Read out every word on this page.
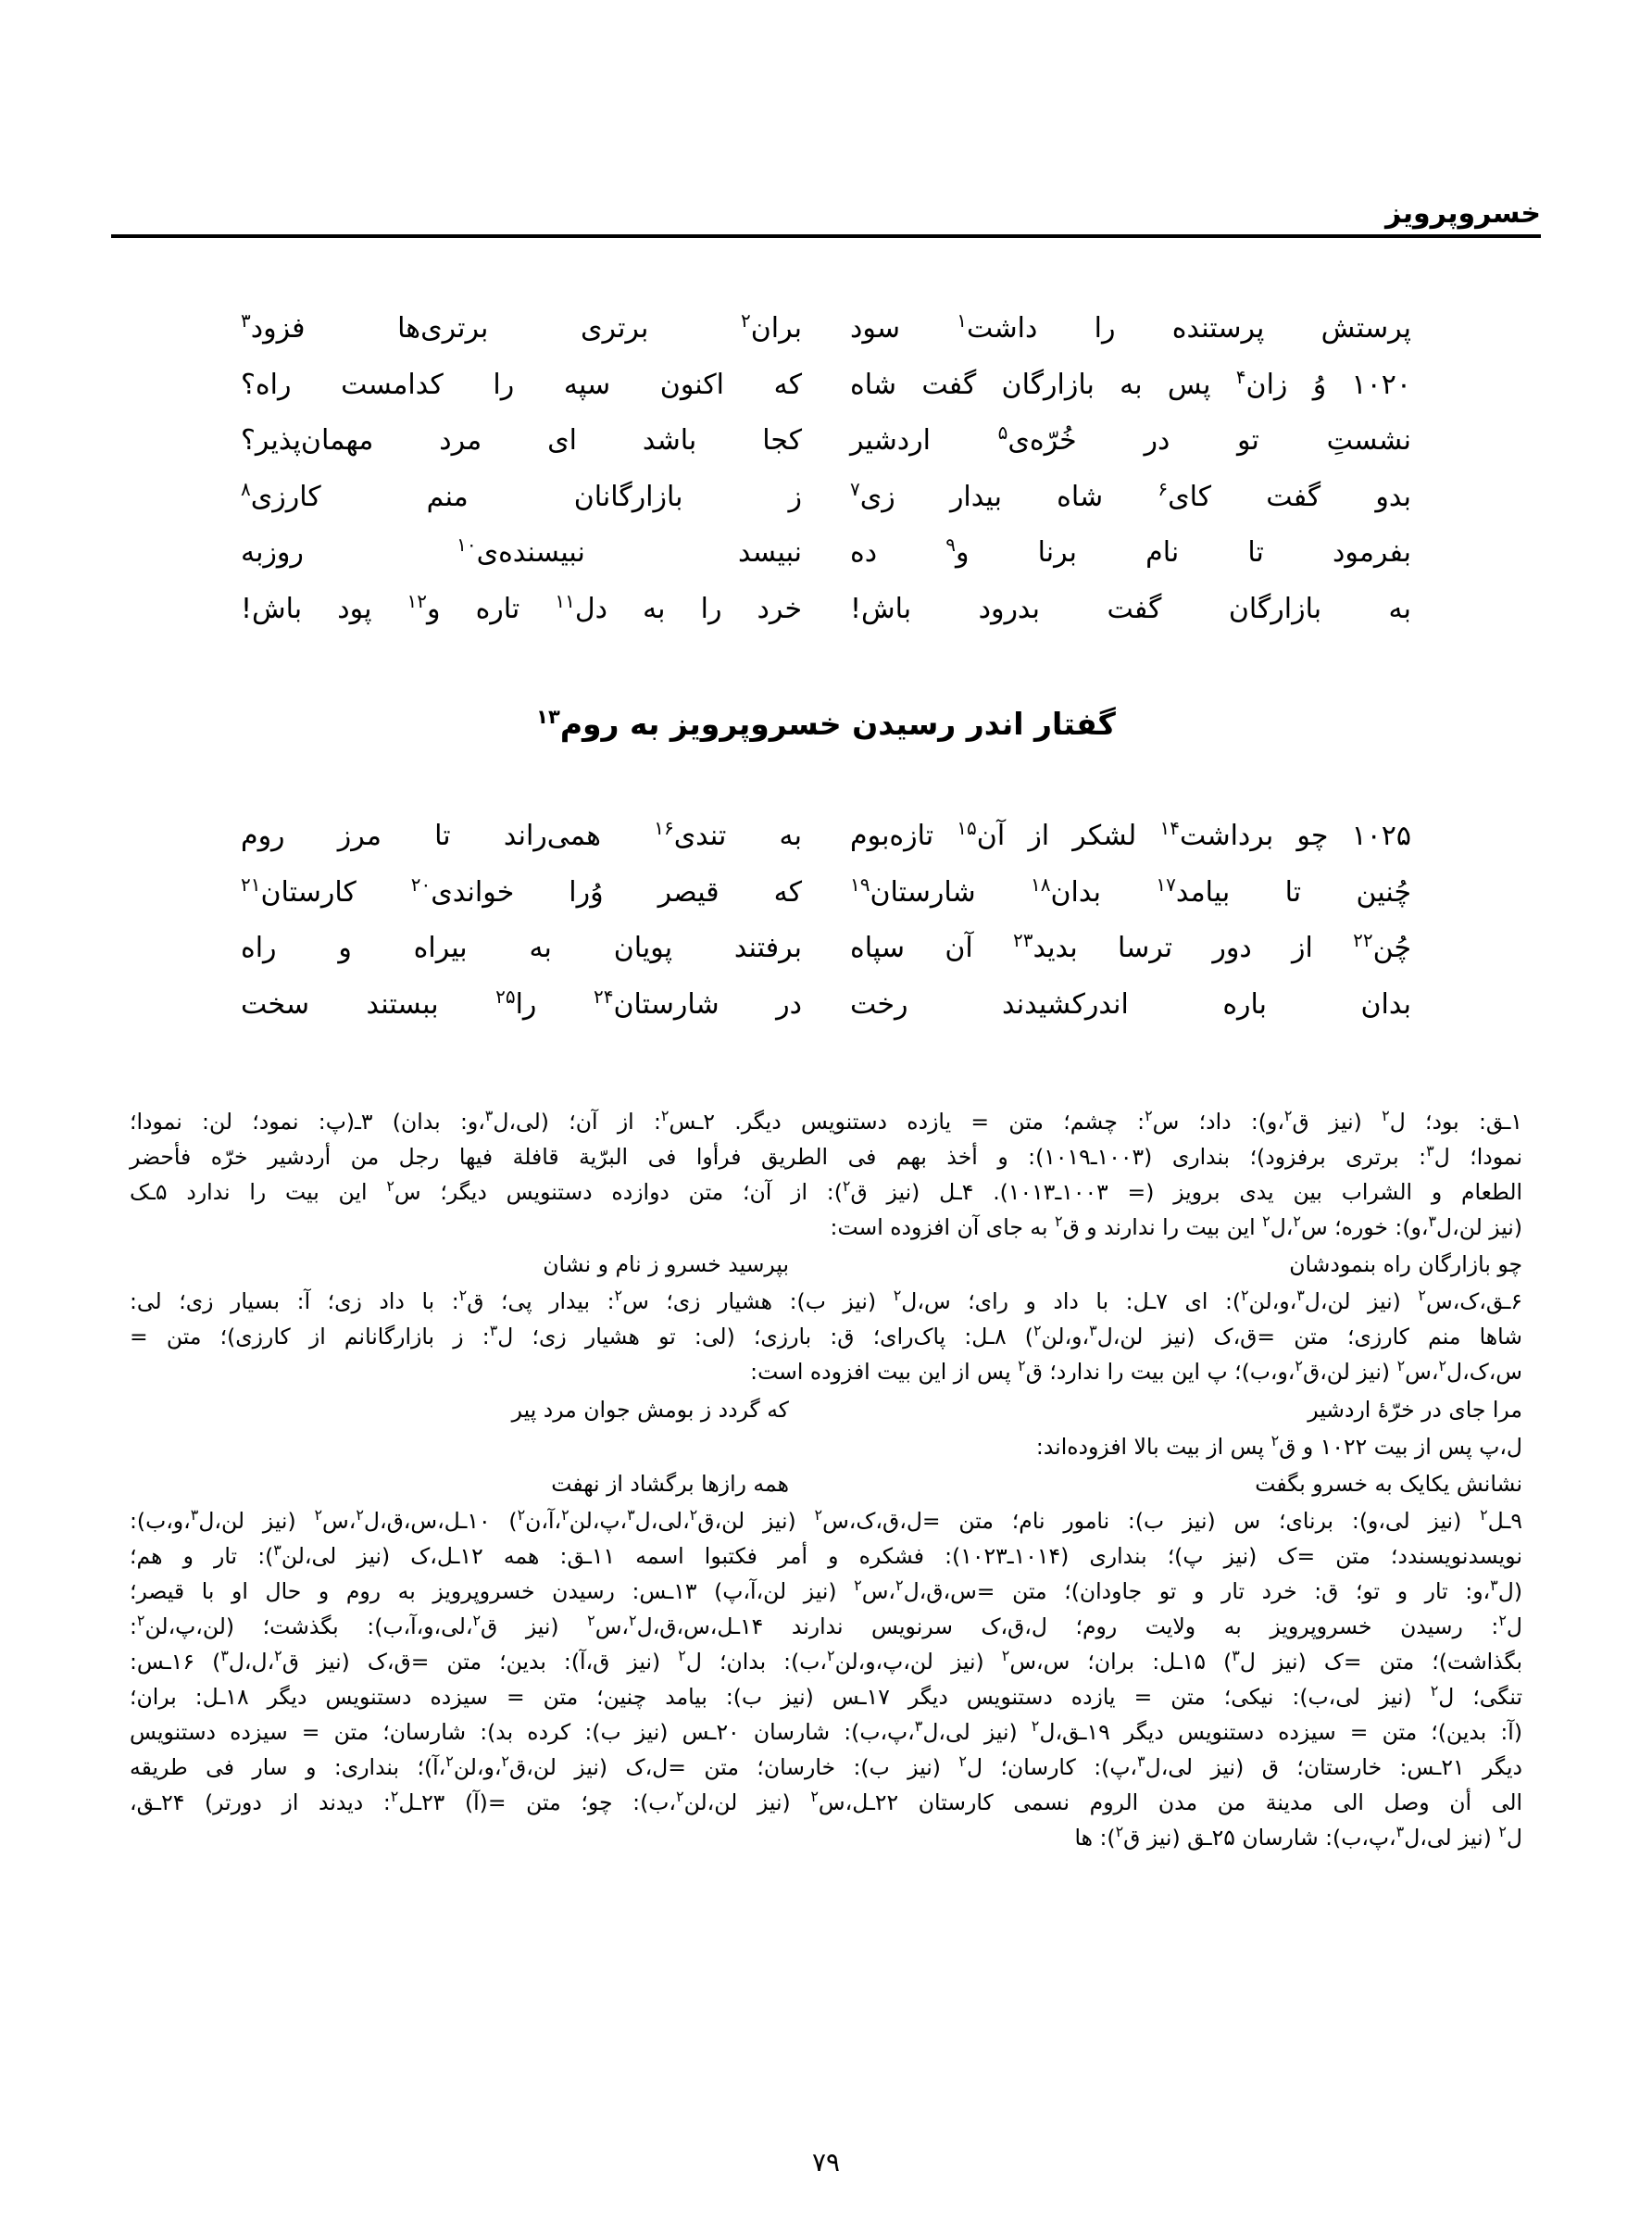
خسروپرویز
پرستش پرستنده را داشت$^۱$ سود
بران$^۲$ برتری برتری‌ها فزود$^۳$
۱۰۲۰ وُ زان$^۴$ پس به بازارگان گفت شاه
که اکنون سپه را کدامست راه؟
نشستِ تو در خُرّه‌ی$^۵$ اردشیر
کجا باشد ای مرد مهمان‌پذیر؟
بدو گفت کای$^۶$ شاه بیدار زی$^۷$
ز بازارگانان منم کارزی$^۸$
بفرمود تا نام برنا و$^۹$ ده
نبیسد نبیسنده‌ی$^{۱۰}$ روزبه
به بازارگان گفت بدرود باش!
خرد را به دل$^{۱۱}$ تاره و$^{۱۲}$ پود باش!
گفتار اندر رسیدن خسروپرویز به روم$^{۱۳}$
۱۰۲۵ چو برداشت$^{۱۴}$ لشکر از آن$^{۱۵}$ تازه‌بوم
به تندی$^{۱۶}$ همی‌راند تا مرز روم
چُنین تا بیامد$^{۱۷}$ بدان$^{۱۸}$ شارستان$^{۱۹}$
که قیصر وُرا خواندی$^{۲۰}$ کارستان$^{۲۱}$
چُن$^{۲۲}$ از دور ترسا بدید$^{۲۳}$ آن سپاه
برفتند پویان به بیراه و راه
بدان باره اندرکشیدند رخت
در شارستان$^{۲۴}$ را$^{۲۵}$ ببستند سخت

۱ـق: بود؛ ل$^۲$ (نیز ق$^۲$،و): داد؛ س$^۲$: چشم؛ متن = یازده دستنویس دیگر. ۲ـس$^۲$: از آن؛ (لی،ل$^۳$،و: بدان) ۳ـ(پ: نمود؛ لن: نمودا؛

نمودا؛ ل$^۳$: برتری برفزود)؛ بنداری (۱۰۰۳ـ۱۰۱۹): و أخذ بهم فی الطریق فرأوا فی البرّیة قافلة فیها رجل من أردشیر خرّه فأحضر

الطعام و الشراب بین یدی برویز (= ۱۰۰۳ـ۱۰۱۳). ۴ـل (نیز ق$^۲$): از آن؛ متن دوازده دستنویس دیگر؛ س$^۲$ این بیت را ندارد ۵ـک

(نیز لن،ل$^۳$،و): خوره؛ س$^۲$،ل$^۲$ این بیت را ندارند و ق$^۲$ به جای آن افزوده است:

چو بازارگان راه بنمودشان
بپرسید خسرو ز نام و نشان

۶ـق،ک،س$^۲$ (نیز لن،ل$^۳$،و،لن$^۲$): ای ۷ـل: با داد و رای؛ س،ل$^۲$ (نیز ب): هشیار زی؛ س$^۲$: بیدار پی؛ ق$^۲$: با داد زی؛ آ: بسیار زی؛ لی:

شاها منم کارزی؛ متن =ق،ک (نیز لن،ل$^۳$،و،لن$^۲$) ۸ـل: پاک‌رای؛ ق: بارزی؛ (لی: تو هشیار زی؛ ل$^۳$: ز بازارگانانم از کارزی)؛ متن =

س،ک،ل$^۲$،س$^۲$ (نیز لن،ق$^۲$،و،ب)؛ پ این بیت را ندارد؛ ق$^۲$ پس از این بیت افزوده است:

مرا جای در خرّهٔ اردشیر
که گردد ز بومش جوان مرد پیر

ل،پ پس از بیت ۱۰۲۲ و ق$^۲$ پس از بیت بالا افزوده‌اند:

نشانش یکایک به خسرو بگفت
همه رازها برگشاد از نهفت

۹ـل$^۲$ (نیز لی،و): برنای؛ س (نیز ب): نامور نام؛ متن =ل،ق،ک،س$^۲$ (نیز لن،ق$^۲$،لی،ل$^۳$،پ،لن$^۲$،آ،ن$^۲$) ۱۰ـل،س،ق،ل$^۲$،س$^۲$ (نیز لن،ل$^۳$،و،ب):

نویسد‌نویسندد؛ متن =ک (نیز پ)؛ بنداری (۱۰۱۴ـ۱۰۲۳): فشکره و أمر فکتبوا اسمه ۱۱ـق: همه ۱۲ـل،ک (نیز لی،لن$^۳$): تار و هم؛

(ل$^۳$،و: تار و تو؛ ق: خرد تار و تو جاودان)؛ متن =س،ق،ل$^۲$،س$^۲$ (نیز لن،آ،پ) ۱۳ـس: رسیدن خسروپرویز به روم و حال او با قیصر؛

ل$^۲$: رسیدن خسروپرویز به ولایت روم؛ ل،ق،ک سرنویس ندارند ۱۴ـل،س،ق،ل$^۲$،س$^۲$ (نیز ق$^۲$،لی،و،آ،ب): بگذشت؛ (لن،پ،لن$^۲$:

بگذاشت)؛ متن =ک (نیز ل$^۳$) ۱۵ـل: بران؛ س،س$^۲$ (نیز لن،پ،و،لن$^۲$،ب): بدان؛ ل$^۲$ (نیز ق،آ): بدین؛ متن =ق،ک (نیز ق$^۲$،ل،ل$^۳$) ۱۶ـس:

تنگی؛ ل$^۲$ (نیز لی،ب): نیکی؛ متن = یازده دستنویس دیگر ۱۷ـس (نیز ب): بیامد چنین؛ متن = سیزده دستنویس دیگر ۱۸ـل: بران؛

(آ: بدین)؛ متن = سیزده دستنویس دیگر ۱۹ـق،ل$^۲$ (نیز لی،ل$^۳$،پ،ب): شارسان ۲۰ـس (نیز ب): کرده بد): شارسان؛ متن = سیزده دستنویس

دیگر ۲۱ـس: خارستان؛ ق (نیز لی،ل$^۳$،پ): کارسان؛ ل$^۲$ (نیز ب): خارسان؛ متن =ل،ک (نیز لن،ق$^۲$،و،لن$^۲$،آ)؛ بنداری: و سار فی طریقه

الی أن وصل الی مدینة من مدن الروم نسمی کارستان ۲۲ـل،س$^۲$ (نیز لن،لن$^۲$،ب): چو؛ متن =(آ) ۲۳ـل$^۲$: دیدند از دورتر) ۲۴ـق،

ل$^۲$ (نیز لی،ل$^۳$،پ،ب): شارسان ۲۵ـق (نیز ق$^۲$): ها

۷۹
